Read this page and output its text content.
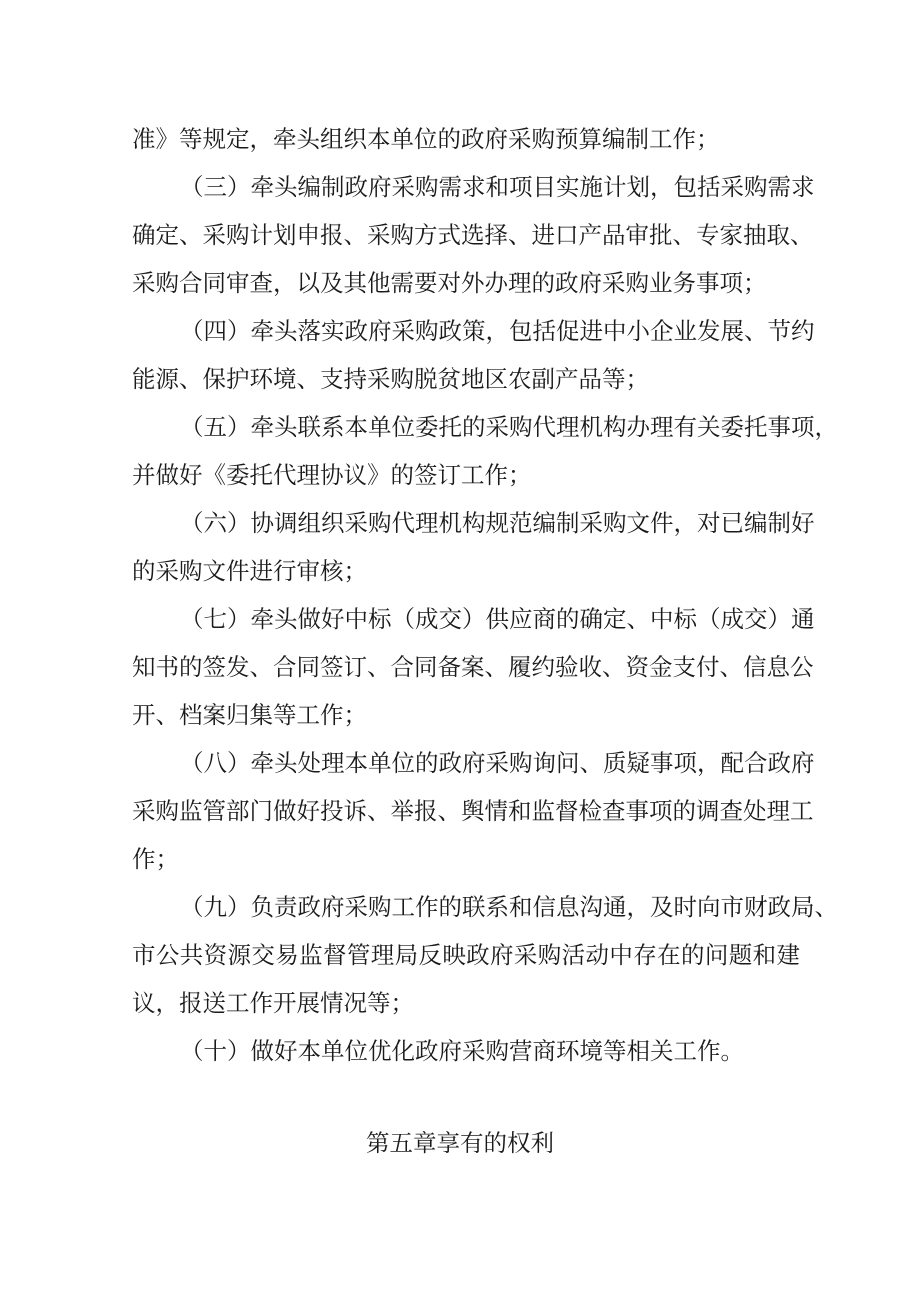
准》等规定，牵头组织本单位的政府采购预算编制工作；
（三）牵头编制政府采购需求和项目实施计划，包括采购需求
确定、采购计划申报、采购方式选择、进口产品审批、专家抽取、
采购合同审查，以及其他需要对外办理的政府采购业务事项；
（四）牵头落实政府采购政策，包括促进中小企业发展、节约
能源、保护环境、支持采购脱贫地区农副产品等；
（五）牵头联系本单位委托的采购代理机构办理有关委托事项，
并做好《委托代理协议》的签订工作；
（六）协调组织采购代理机构规范编制采购文件，对已编制好
的采购文件进行审核；
（七）牵头做好中标（成交）供应商的确定、中标（成交）通
知书的签发、合同签订、合同备案、履约验收、资金支付、信息公
开、档案归集等工作；
（八）牵头处理本单位的政府采购询问、质疑事项，配合政府
采购监管部门做好投诉、举报、舆情和监督检查事项的调查处理工
作；
（九）负责政府采购工作的联系和信息沟通，及时向市财政局、
市公共资源交易监督管理局反映政府采购活动中存在的问题和建
议，报送工作开展情况等；
（十）做好本单位优化政府采购营商环境等相关工作。
第五章享有的权利
